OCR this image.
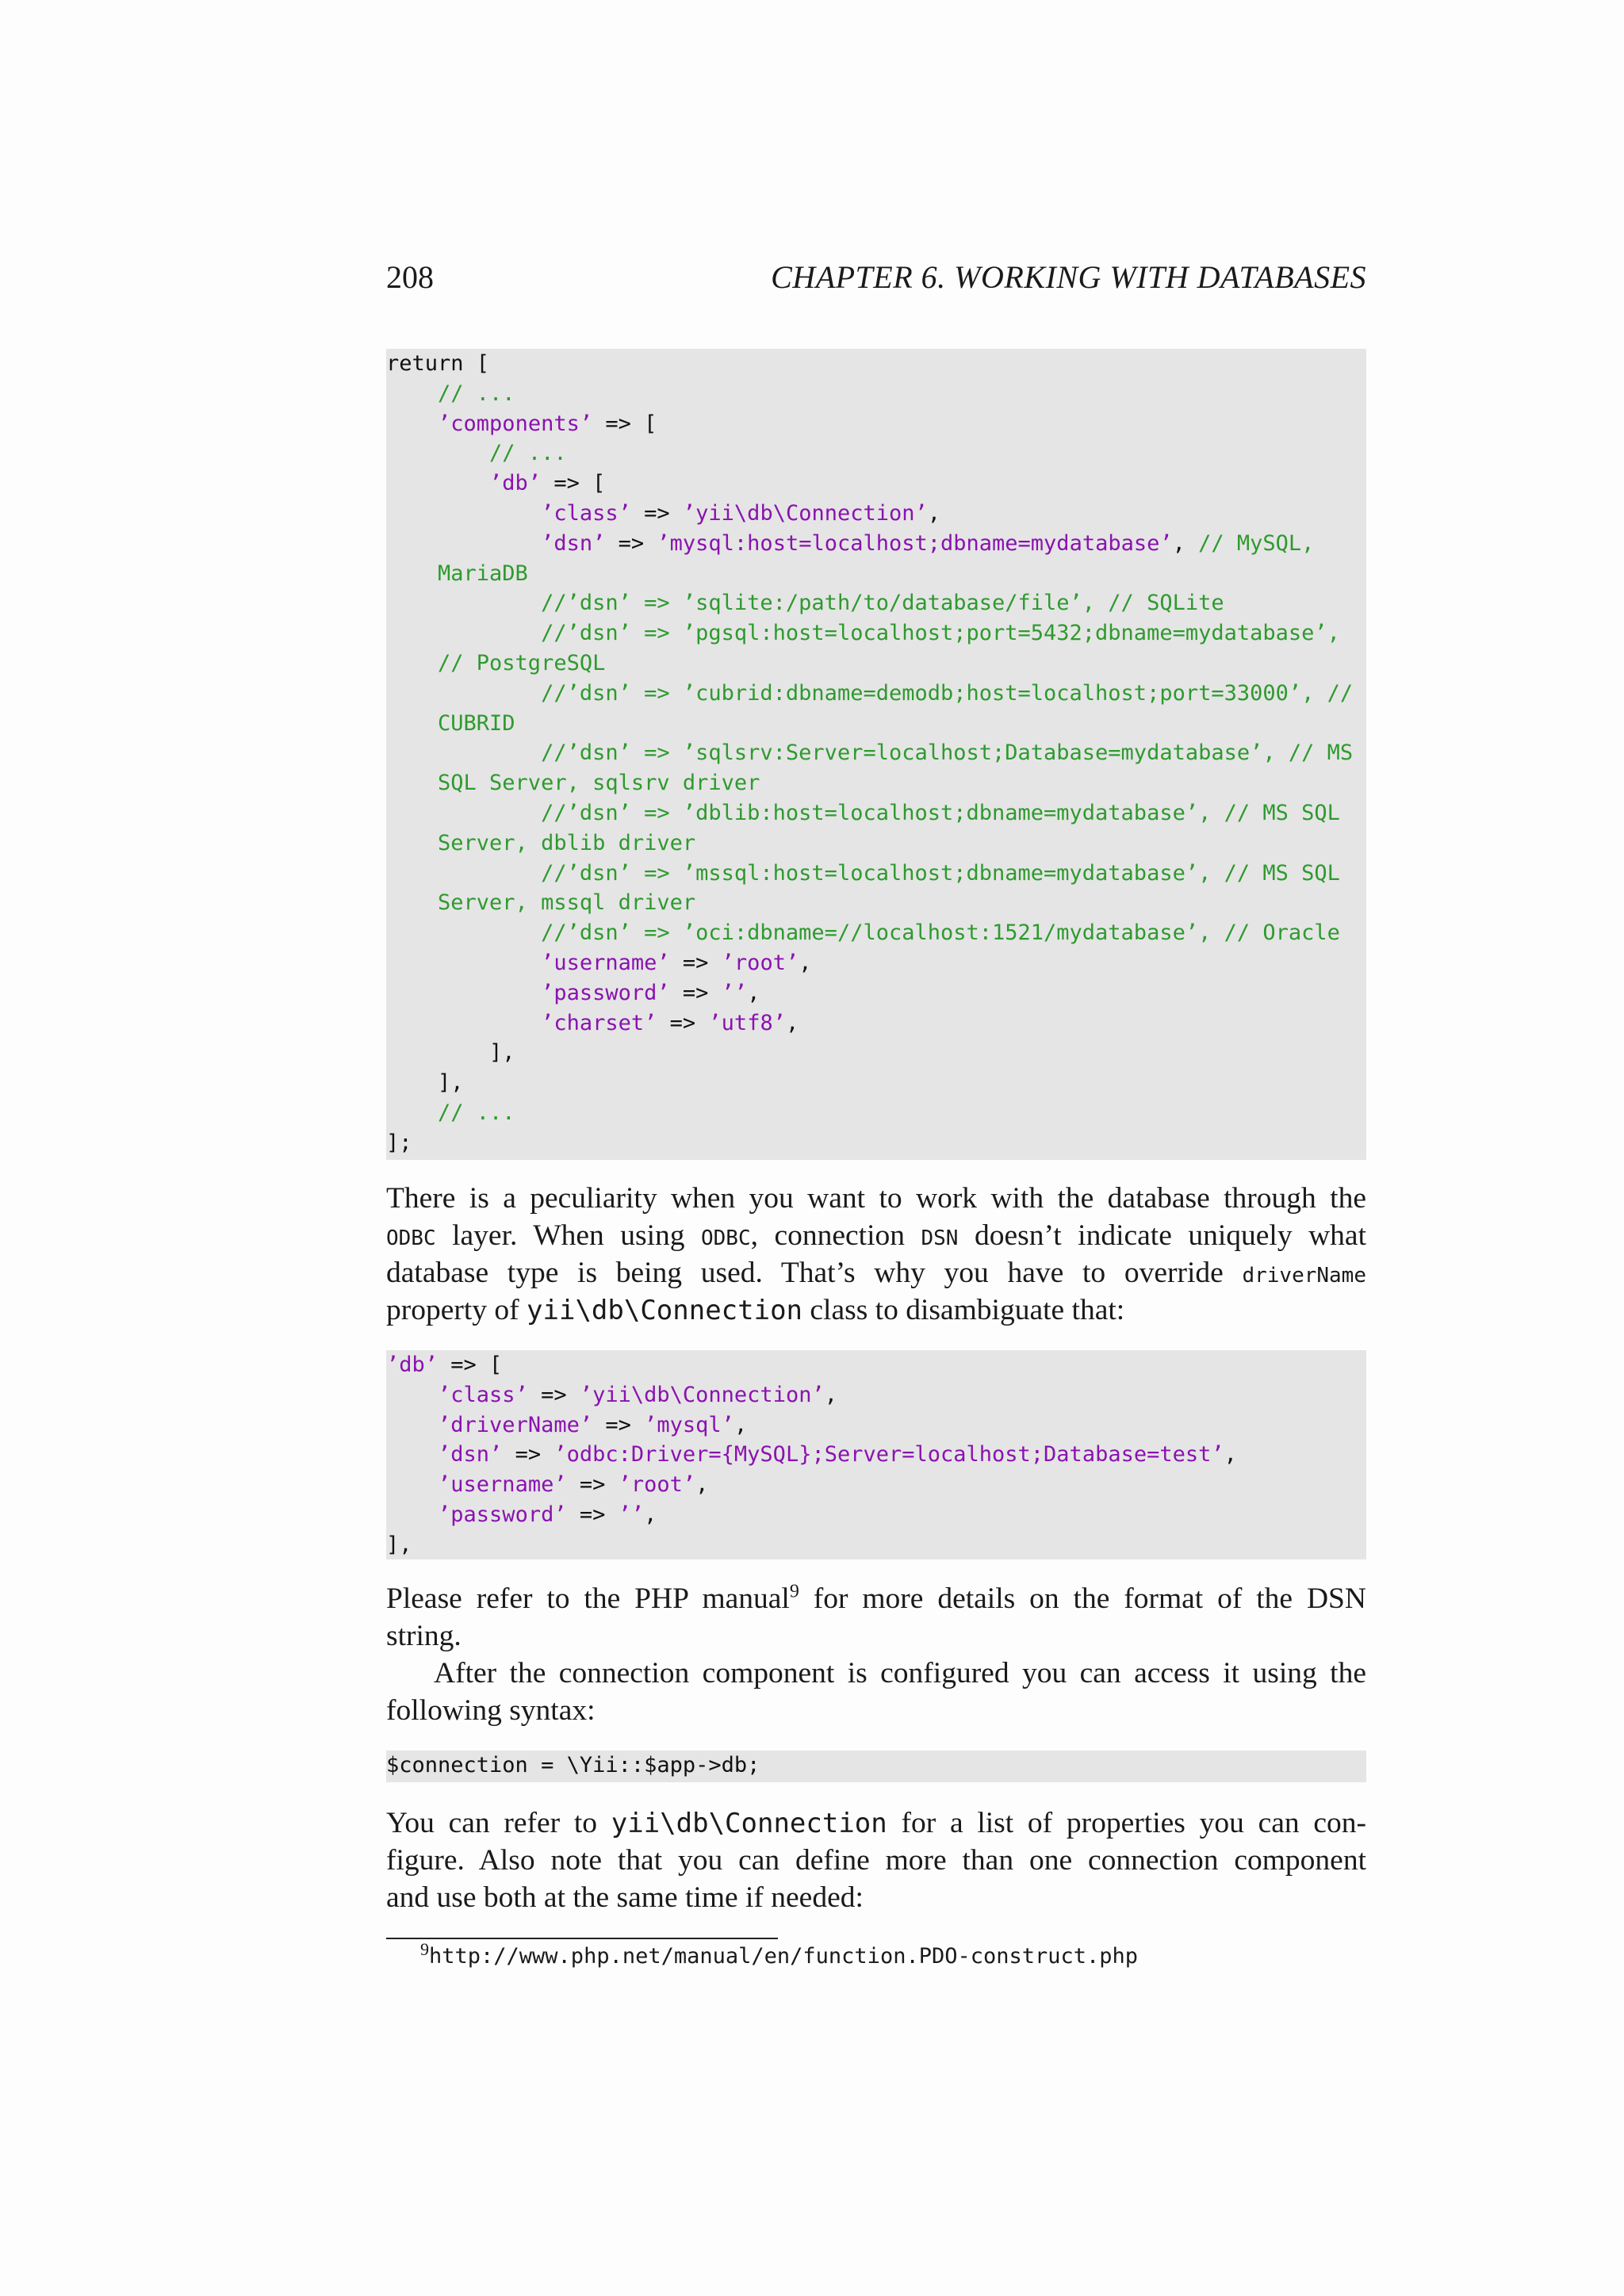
208	CHAPTER 6. WORKING WITH DATABASES
return [
// ...
’components’ => [
// ...
’db’ => [
’class’ => ’yii\db\Connection’,
’dsn’ => ’mysql:host=localhost;dbname=mydatabase’, // MySQL,
MariaDB
//’dsn’ => ’sqlite:/path/to/database/file’, // SQLite
//’dsn’ => ’pgsql:host=localhost;port=5432;dbname=mydatabase’,
// PostgreSQL
//’dsn’ => ’cubrid:dbname=demodb;host=localhost;port=33000’, //
CUBRID
//’dsn’ => ’sqlsrv:Server=localhost;Database=mydatabase’, // MS
SQL Server, sqlsrv driver
//’dsn’ => ’dblib:host=localhost;dbname=mydatabase’, // MS SQL
Server, dblib driver
//’dsn’ => ’mssql:host=localhost;dbname=mydatabase’, // MS SQL
Server, mssql driver
//’dsn’ => ’oci:dbname=//localhost:1521/mydatabase’, // Oracle
’username’ => ’root’,
’password’ => ’’,
’charset’ => ’utf8’,
],
],
// ...
];
There is a peculiarity when you want to work with the database through the
ODBC layer. When using ODBC, connection DSN doesn’t indicate uniquely what
database type is being used. That’s why you have to override driverName
property of yii\db\Connection class to disambiguate that:
’db’ => [
’class’ => ’yii\db\Connection’,
’driverName’ => ’mysql’,
’dsn’ => ’odbc:Driver={MySQL};Server=localhost;Database=test’,
’username’ => ’root’,
’password’ => ’’,
],
Please refer to the PHP manual$^9$ for more details on the format of the DSN
string.
After the connection component is configured you can access it using the
following syntax:
$connection = \Yii::$app->db;
You can refer to yii\db\Connection for a list of properties you can con-
figure. Also note that you can define more than one connection component
and use both at the same time if needed:
$^9$http://www.php.net/manual/en/function.PDO-construct.php
